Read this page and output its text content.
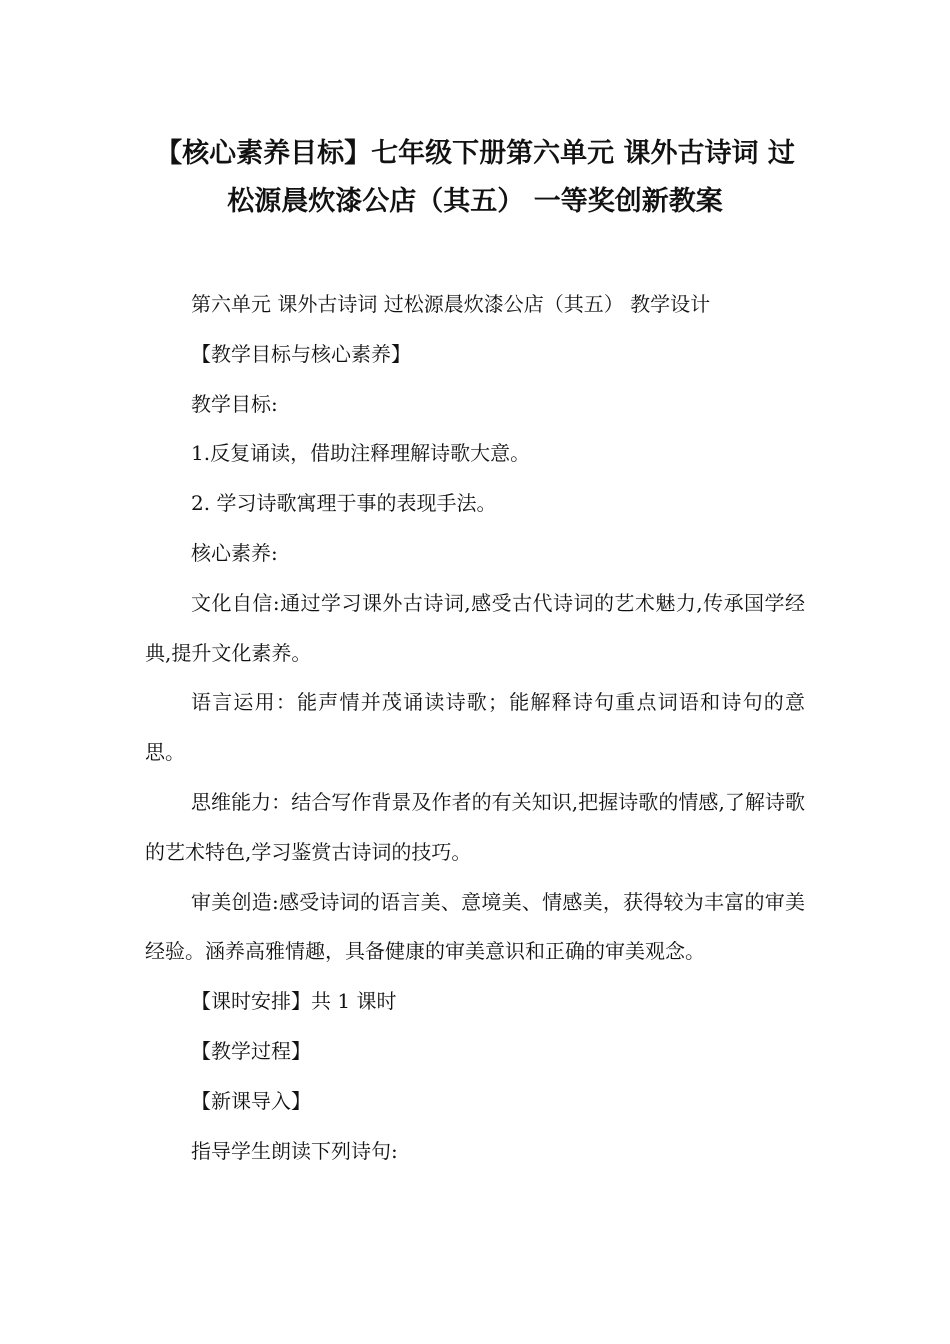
【核心素养目标】七年级下册第六单元 课外古诗词 过
松源晨炊漆公店（其五） 一等奖创新教案

第六单元 课外古诗词 过松源晨炊漆公店（其五） 教学设计

【教学目标与核心素养】

教学目标:

1.反复诵读，借助注释理解诗歌大意。

2. 学习诗歌寓理于事的表现手法。

核心素养:

文化自信:通过学习课外古诗词,感受古代诗词的艺术魅力,传承国学经典,提升文化素养。

语言运用：能声情并茂诵读诗歌；能解释诗句重点词语和诗句的意思。

思维能力：结合写作背景及作者的有关知识,把握诗歌的情感,了解诗歌的艺术特色,学习鉴赏古诗词的技巧。

审美创造:感受诗词的语言美、意境美、情感美，获得较为丰富的审美经验。涵养高雅情趣，具备健康的审美意识和正确的审美观念。

【课时安排】共 1 课时

【教学过程】

【新课导入】

指导学生朗读下列诗句:
